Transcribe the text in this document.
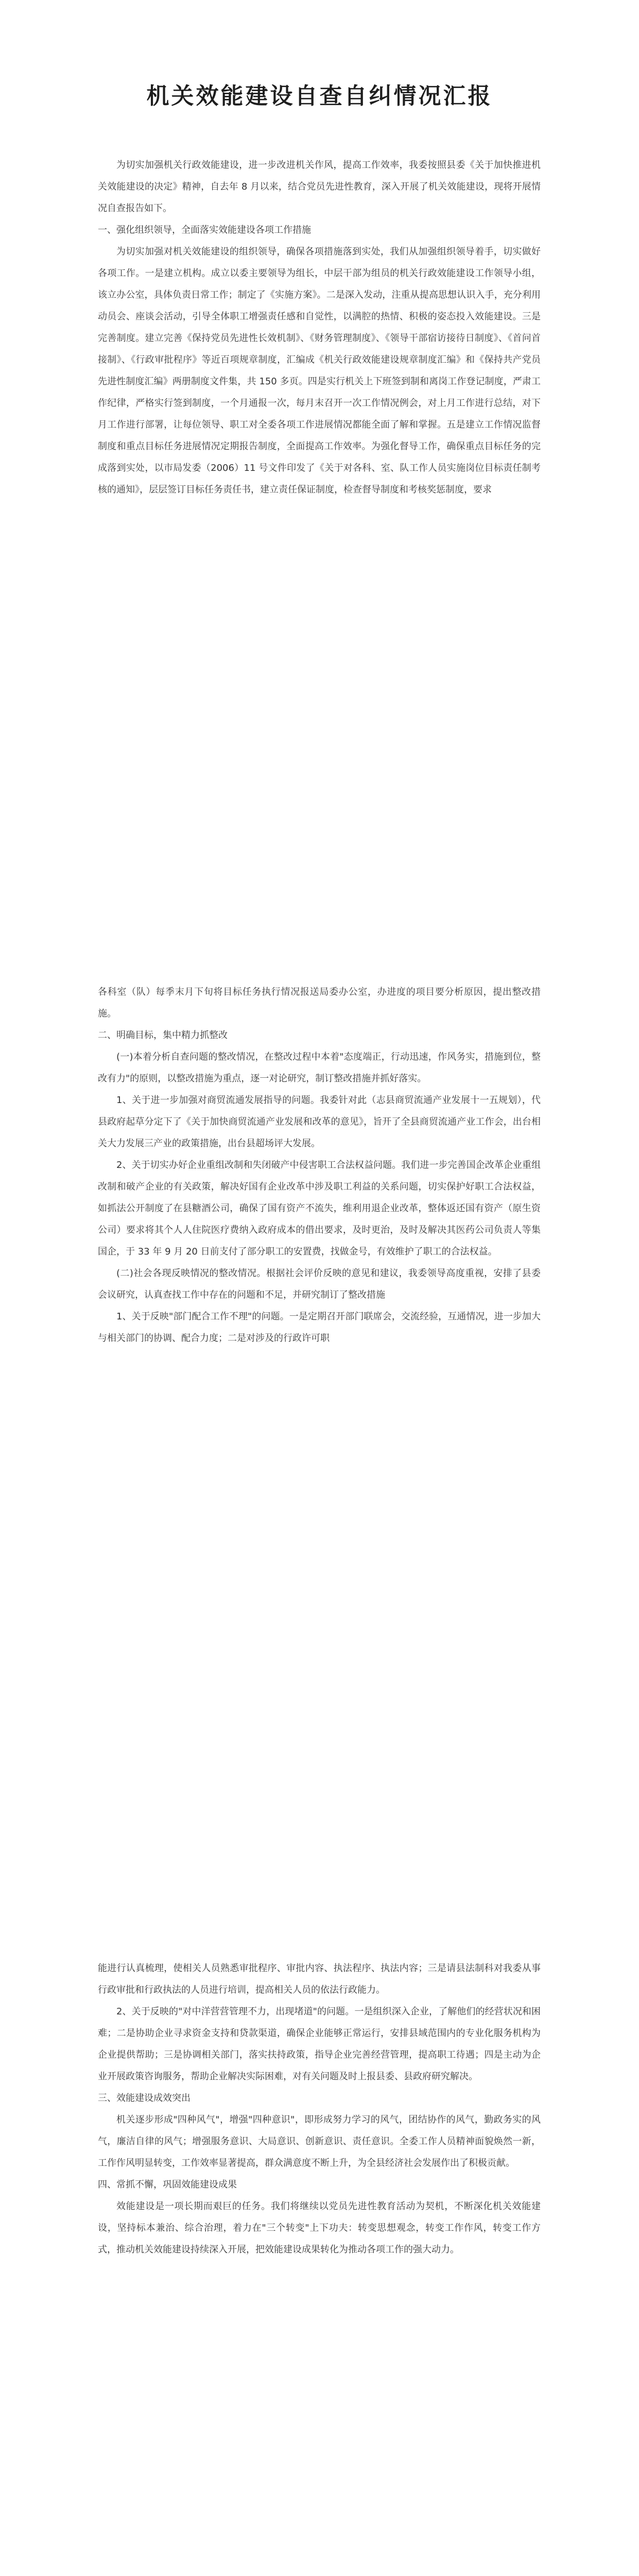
机关效能建设自查自纠情况汇报

为切实加强机关行政效能建设，进一步改进机关作风，提高工作效率，我委按照县委《关于加快推进机关效能建设的决定》精神，自去年 8 月以来，结合党员先进性教育，深入开展了机关效能建设，现将开展情况自查报告如下。

一、强化组织领导，全面落实效能建设各项工作措施

为切实加强对机关效能建设的组织领导，确保各项措施落到实处，我们从加强组织领导着手，切实做好各项工作。一是建立机构。成立以委主要领导为组长，中层干部为组员的机关行政效能建设工作领导小组，该立办公室，具体负责日常工作；制定了《实施方案》。二是深入发动，注重从提高思想认识入手，充分利用动员会、座谈会活动，引导全体职工增强责任感和自觉性，以满腔的热情、积极的姿态投入效能建设。三是完善制度。建立完善《保持党员先进性长效机制》、《财务管理制度》、《领导干部宿访接待日制度》、《首问首接制》、《行政审批程序》等近百项规章制度，汇编成《机关行政效能建设规章制度汇编》和《保持共产党员先进性制度汇编》两册制度文件集，共 150 多页。四是实行机关上下班签到制和离岗工作登记制度，严肃工作纪律，严格实行签到制度，一个月通报一次，每月末召开一次工作情况例会，对上月工作进行总结，对下月工作进行部署，让每位领导、职工对全委各项工作进展情况都能全面了解和掌握。五是建立工作情况监督制度和重点目标任务进展情况定期报告制度，全面提高工作效率。为强化督导工作，确保重点目标任务的完成落到实处，以市局发委（2006）11 号文件印发了《关于对各科、室、队工作人员实施岗位目标责任制考核的通知》，层层签订目标任务责任书，建立责任保证制度，检查督导制度和考核奖惩制度，要求

各科室（队）每季末月下旬将目标任务执行情况报送局委办公室，办进度的项目要分析原因，提出整改措施。

二、明确目标，集中精力抓整改

(一)本着分析自查问题的整改情况，在整改过程中本着"态度端正，行动迅速，作风务实，措施到位，整改有力"的原则，以整改措施为重点，逐一对论研究，制订整改措施并抓好落实。

1、关于进一步加强对商贸流通发展指导的问题。我委针对此（志县商贸流通产业发展十一五规划），代县政府起草分定下了《关于加快商贸流通产业发展和改革的意见》，旨开了全县商贸流通产业工作会，出台相关大力发展三产业的政策措施，出台县超场评大发展。

2、关于切实办好企业重组改制和失闭破产中侵害职工合法权益问题。我们进一步完善国企改革企业重组改制和破产企业的有关政策，解决好国有企业改革中涉及职工利益的关系问题，切实保护好职工合法权益，如抓法公开制度了在县糖酒公司，确保了国有资产不流失，维利用退企业改革，整体返还国有资产（原生资公司）要求将其个人人住院医疗费纳入政府成本的借出要求，及时更治，及时及解决其医药公司负责人等集国企，于 33 年 9 月 20 日前支付了部分职工的安置费，找做金号，有效维护了职工的合法权益。

(二)社会各现反映情况的整改情况。根据社会评价反映的意见和建议，我委领导高度重视，安排了县委会议研究，认真查找工作中存在的问题和不足，并研究制订了整改措施

1、关于反映"部门配合工作不理"的问题。一是定期召开部门联席会，交流经验，互通情况，进一步加大与相关部门的协调、配合力度；二是对涉及的行政许可职

能进行认真梳理，使相关人员熟悉审批程序、审批内容、执法程序、执法内容；三是请县法制科对我委从事行政审批和行政执法的人员进行培训，提高相关人员的依法行政能力。

2、关于反映的"对中洋营营管理不力，出现堵道"的问题。一是组织深入企业，了解他们的经营状况和困难；二是协助企业寻求资金支持和贷款渠道，确保企业能够正常运行，安排县域范围内的专业化服务机构为企业提供帮助；三是协调相关部门，落实扶持政策，指导企业完善经营管理，提高职工待遇；四是主动为企业开展政策咨询服务，帮助企业解决实际困难，对有关问题及时上报县委、县政府研究解决。

三、效能建设成效突出

机关逐步形成"四种风气"，增强"四种意识"，即形成努力学习的风气，团结协作的风气，勤政务实的风气，廉洁自律的风气；增强服务意识、大局意识、创新意识、责任意识。全委工作人员精神面貌焕然一新，工作作风明显转变，工作效率显著提高，群众满意度不断上升，为全县经济社会发展作出了积极贡献。

四、常抓不懈，巩固效能建设成果

效能建设是一项长期而艰巨的任务。我们将继续以党员先进性教育活动为契机，不断深化机关效能建设，坚持标本兼治、综合治理，着力在"三个转变"上下功夫：转变思想观念，转变工作作风，转变工作方式，推动机关效能建设持续深入开展，把效能建设成果转化为推动各项工作的强大动力。
